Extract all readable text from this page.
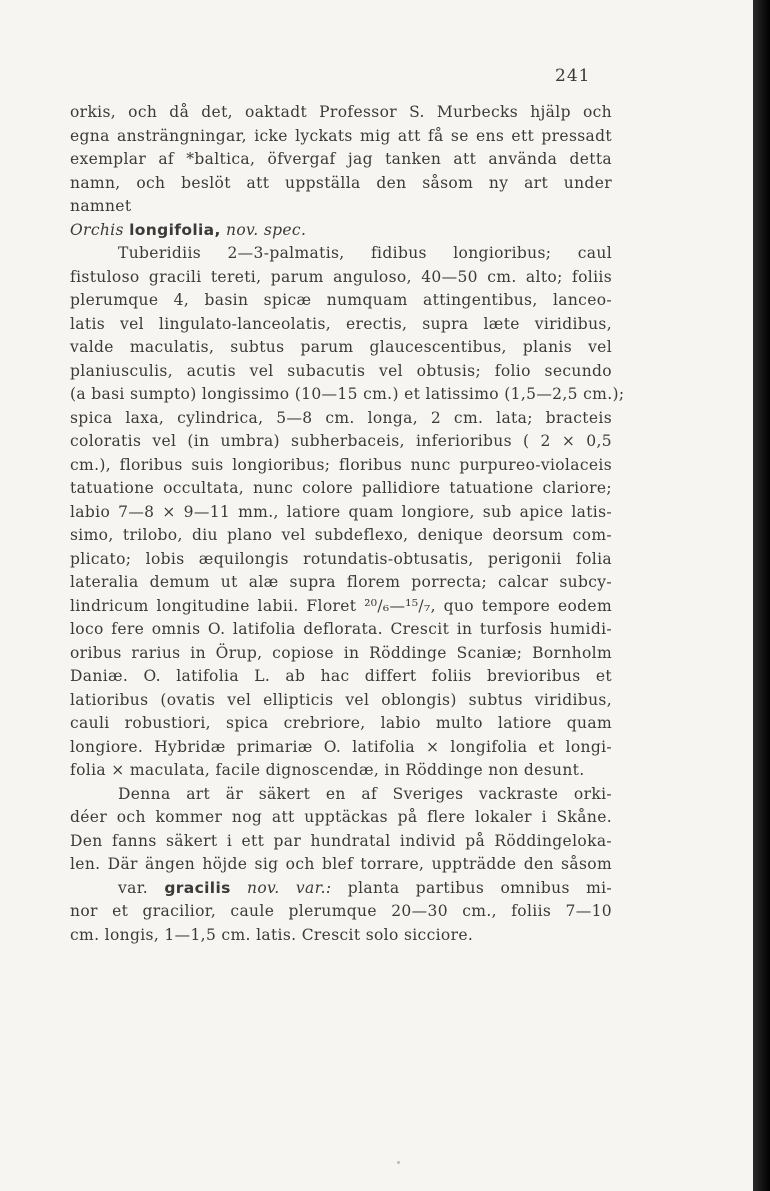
241

orkis, och då det, oaktadt Professor S. Murbecks hjälp och
egna ansträngningar, icke lyckats mig att få se ens ett pressadt
exemplar af *baltica, öfvergaf jag tanken att använda detta
namn, och beslöt att uppställa den såsom ny art under
namnet

Orchis longifolia, nov. spec.

Tuberidiis 2—3-palmatis, fidibus longioribus; caul
fistuloso gracili tereti, parum anguloso, 40—50 cm. alto; foliis
plerumque 4, basin spicæ numquam attingentibus, lanceo-
latis vel lingulato-lanceolatis, erectis, supra læte viridibus,
valde maculatis, subtus parum glaucescentibus, planis vel
planiusculis, acutis vel subacutis vel obtusis; folio secundo
(a basi sumpto) longissimo (10—15 cm.) et latissimo (1,5—2,5 cm.);
spica laxa, cylindrica, 5—8 cm. longa, 2 cm. lata; bracteis
coloratis vel (in umbra) subherbaceis, inferioribus ( 2 × 0,5
cm.), floribus suis longioribus; floribus nunc purpureo-violaceis
tatuatione occultata, nunc colore pallidiore tatuatione clariore;
labio 7—8 × 9—11 mm., latiore quam longiore, sub apice latis-
simo, trilobo, diu plano vel subdeflexo, denique deorsum com-
plicato; lobis æquilongis rotundatis-obtusatis, perigonii folia
lateralia demum ut alæ supra florem porrecta; calcar subcy-
lindricum longitudine labii. Floret ²⁰/₆—¹⁵/₇, quo tempore eodem
loco fere omnis O. latifolia deflorata. Crescit in turfosis humidi-
oribus rarius in Örup, copiose in Röddinge Scaniæ; Bornholm
Daniæ. O. latifolia L. ab hac differt foliis brevioribus et
latioribus (ovatis vel ellipticis vel oblongis) subtus viridibus,
cauli robustiori, spica crebriore, labio multo latiore quam
longiore. Hybridæ primariæ O. latifolia × longifolia et longi-
folia × maculata, facile dignoscendæ, in Röddinge non desunt.

Denna art är säkert en af Sveriges vackraste orki-
déer och kommer nog att upptäckas på flere lokaler i Skåne.
Den fanns säkert i ett par hundratal individ på Röddingeloka-
len. Där ängen höjde sig och blef torrare, uppträdde den såsom
var. gracilis nov. var.: planta partibus omnibus mi-
nor et gracilior, caule plerumque 20—30 cm., foliis 7—10
cm. longis, 1—1,5 cm. latis. Crescit solo sicciore.
